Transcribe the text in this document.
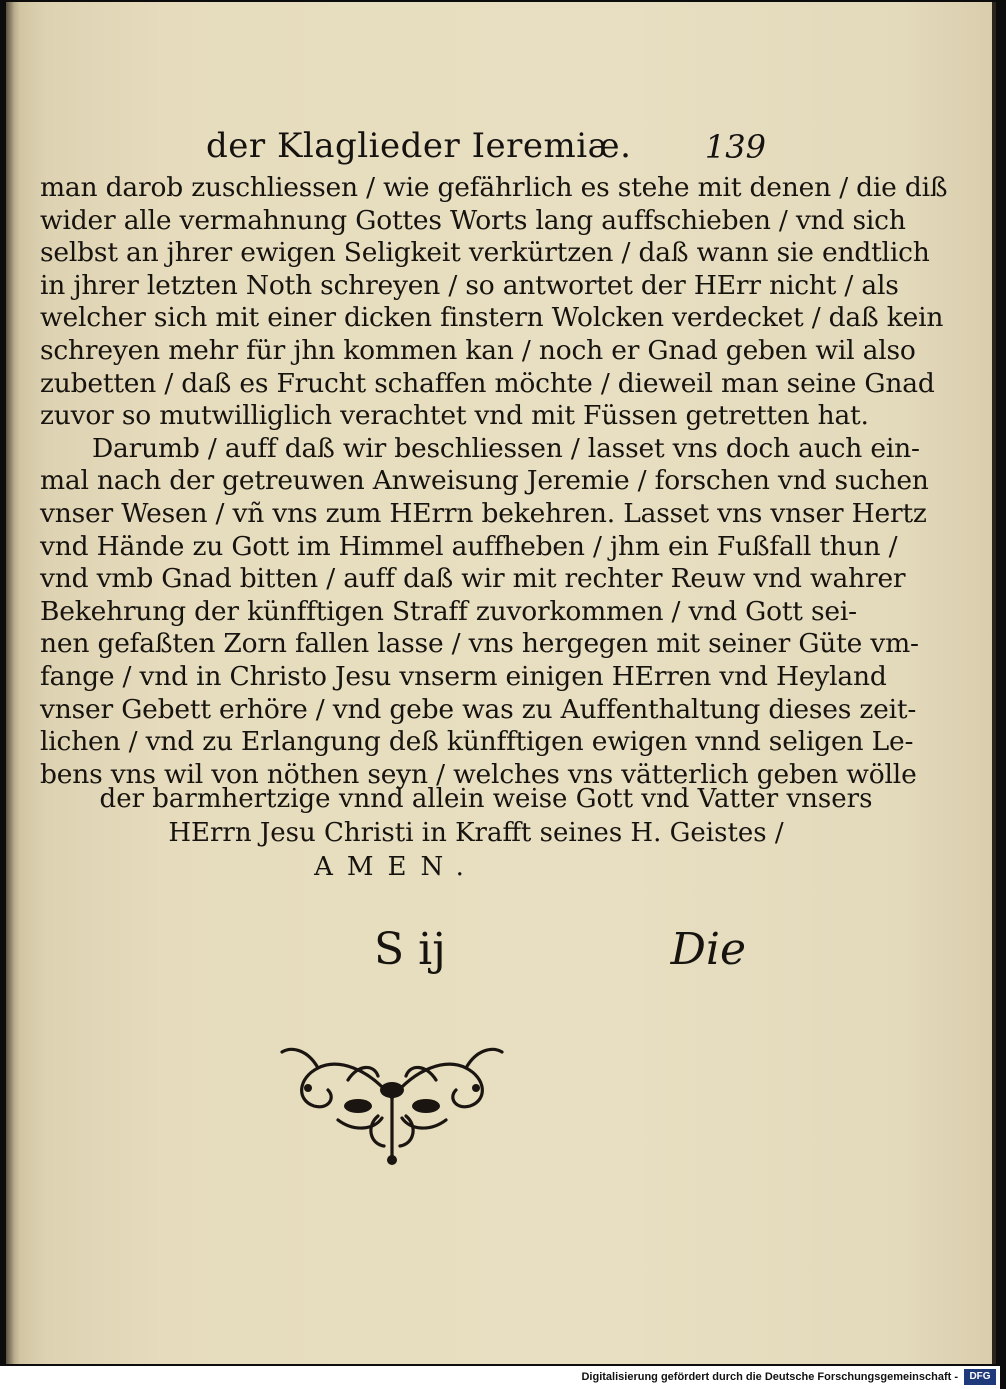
der Klaglieder Ieremiæ. 139
man darob zuschliessen / wie gefährlich es stehe mit denen / die diß
wider alle vermahnung Gottes Worts lang auffschieben / vnd sich
selbst an jhrer ewigen Seligkeit verkürtzen / daß wann sie endtlich
in jhrer letzten Noth schreyen / so antwortet der HErr nicht / als
welcher sich mit einer dicken finstern Wolcken verdecket / daß kein
schreyen mehr für jhn kommen kan / noch er Gnad geben wil also
zubetten / daß es Frucht schaffen möchte / dieweil man seine Gnad
zuvor so mutwilliglich verachtet vnd mit Füssen getretten hat.
Darumb / auff daß wir beschliessen / lasset vns doch auch ein-
mal nach der getreuwen Anweisung Jeremie / forschen vnd suchen
vnser Wesen / vñ vns zum HErrn bekehren. Lasset vns vnser Hertz
vnd Hände zu Gott im Himmel auffheben / jhm ein Fußfall thun /
vnd vmb Gnad bitten / auff daß wir mit rechter Reuw vnd wahrer
Bekehrung der künfftigen Straff zuvorkommen / vnd Gott sei-
nen gefaßten Zorn fallen lasse / vns hergegen mit seiner Güte vm-
fange / vnd in Christo Jesu vnserm einigen HErren vnd Heyland
vnser Gebett erhöre / vnd gebe was zu Auffenthaltung dieses zeit-
lichen / vnd zu Erlangung deß künfftigen ewigen vnnd seligen Le-
bens vns wil von nöthen seyn / welches vns vätterlich geben wölle
der barmhertzige vnnd allein weise Gott vnd Vatter vnsers
HErrn Jesu Christi in Krafft seines H. Geistes /
AMEN.
S ij	Die
Digitalisierung gefördert durch die Deutsche Forschungsgemeinschaft -	DFG
